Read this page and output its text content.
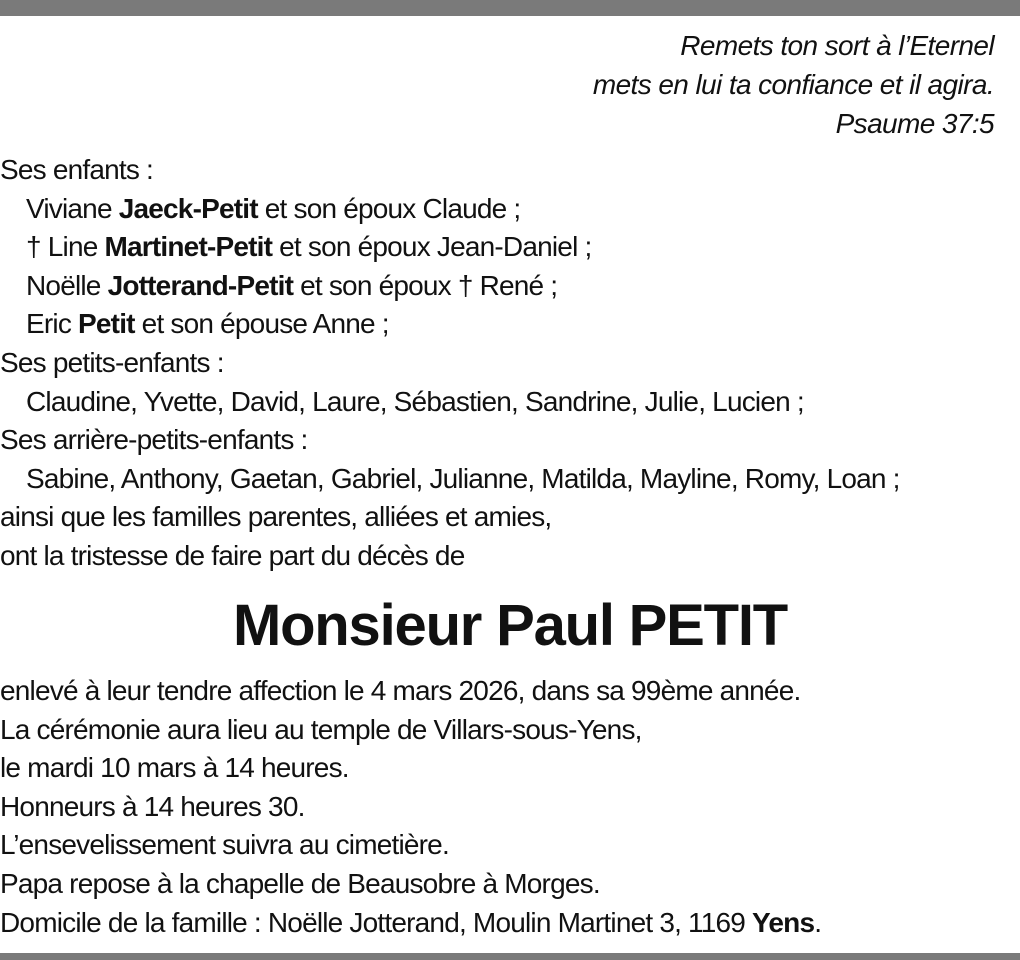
Remets ton sort à l’Eternel
mets en lui ta confiance et il agira.
Psaume 37:5
Ses enfants :
Viviane Jaeck-Petit et son époux Claude ;
† Line Martinet-Petit et son époux Jean-Daniel ;
Noëlle Jotterand-Petit et son époux † René ;
Eric Petit et son épouse Anne ;
Ses petits-enfants :
Claudine, Yvette, David, Laure, Sébastien, Sandrine, Julie, Lucien ;
Ses arrière-petits-enfants :
Sabine, Anthony, Gaetan, Gabriel, Julianne, Matilda, Mayline, Romy, Loan ;
ainsi que les familles parentes, alliées et amies,
ont la tristesse de faire part du décès de
Monsieur Paul PETIT
enlevé à leur tendre affection le 4 mars 2026, dans sa 99ème année.
La cérémonie aura lieu au temple de Villars-sous-Yens,
le mardi 10 mars à 14 heures.
Honneurs à 14 heures 30.
L’ensevelissement suivra au cimetière.
Papa repose à la chapelle de Beausobre à Morges.
Domicile de la famille : Noëlle Jotterand, Moulin Martinet 3, 1169 Yens.
